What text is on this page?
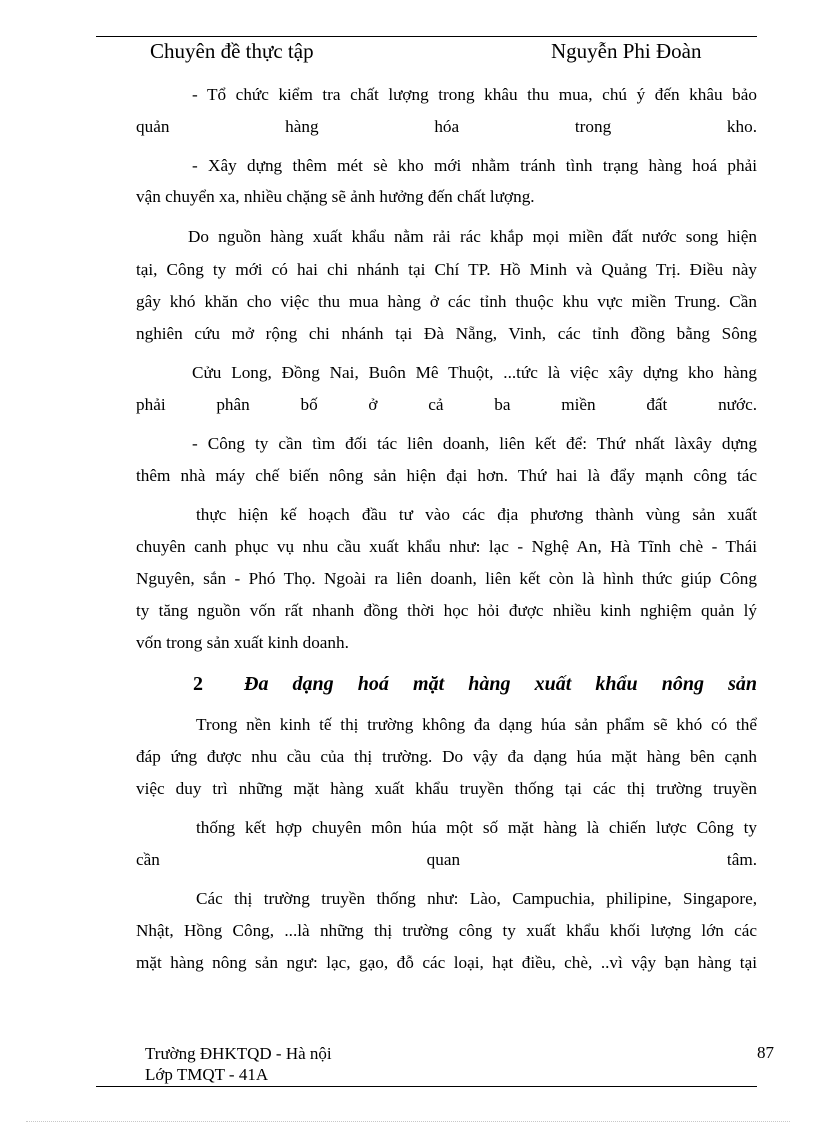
Chuyên đề thực tập	Nguyễn Phi Đoàn
- Tổ chức kiểm tra chất lượng trong khâu thu mua, chú ý đến khâu bảo
quản hàng hóa trong kho.
- Xây dựng thêm mét sè kho mới nhằm tránh tình trạng hàng hoá phải
vận chuyển xa, nhiều chặng sẽ ảnh hưởng đến chất lượng.
Do nguồn hàng xuất khẩu nằm rải rác khắp mọi miền đất nước song hiện
tại, Công ty mới có hai chi nhánh tại Chí TP. Hồ Minh và Quảng Trị. Điều này
gây khó khăn cho việc thu mua hàng ở các tỉnh thuộc khu vực miền Trung. Cần
nghiên cứu mở rộng chi nhánh tại Đà Nẵng, Vinh, các tỉnh đồng bằng Sông
Cửu Long, Đồng Nai, Buôn Mê Thuột, ...tức là việc xây dựng kho hàng
phải phân bố ở cả ba miền đất nước.
- Công ty cần tìm đối tác liên doanh, liên kết để: Thứ nhất làxây dựng
thêm nhà máy chế biến nông sản hiện đại hơn. Thứ hai là đẩy mạnh công tác
thực hiện kế hoạch đầu tư vào các địa phương thành vùng sản xuất
chuyên canh phục vụ nhu cầu xuất khẩu như: lạc - Nghệ An, Hà Tĩnh chè - Thái
Nguyên, sắn - Phó Thọ. Ngoài ra liên doanh, liên kết còn là hình thức giúp Công
ty tăng nguồn vốn rất nhanh đồng thời học hỏi được nhiều kinh nghiệm quản lý
vốn trong sản xuất kinh doanh.
2 Đa dạng hoá mặt hàng xuất khẩu nông sản
Trong nền kinh tế thị trường không đa dạng húa sản phẩm sẽ khó có thể
đáp ứng được nhu cầu của thị trường. Do vậy đa dạng húa mặt hàng bên cạnh
việc duy trì những mặt hàng xuất khẩu truyền thống tại các thị trường truyền
thống kết hợp chuyên môn húa một số mặt hàng là chiến lược Công ty
cần quan tâm.
Các thị trường truyền thống như: Lào, Campuchia, philipine, Singapore,
Nhật, Hồng Công, ...là những thị trường công ty xuất khẩu khối lượng lớn các
mặt hàng nông sản ngư: lạc, gạo, đỗ các loại, hạt điều, chè, ..vì vậy bạn hàng tại
Trường ĐHKTQD - Hà nội
Lớp TMQT - 41A
87
